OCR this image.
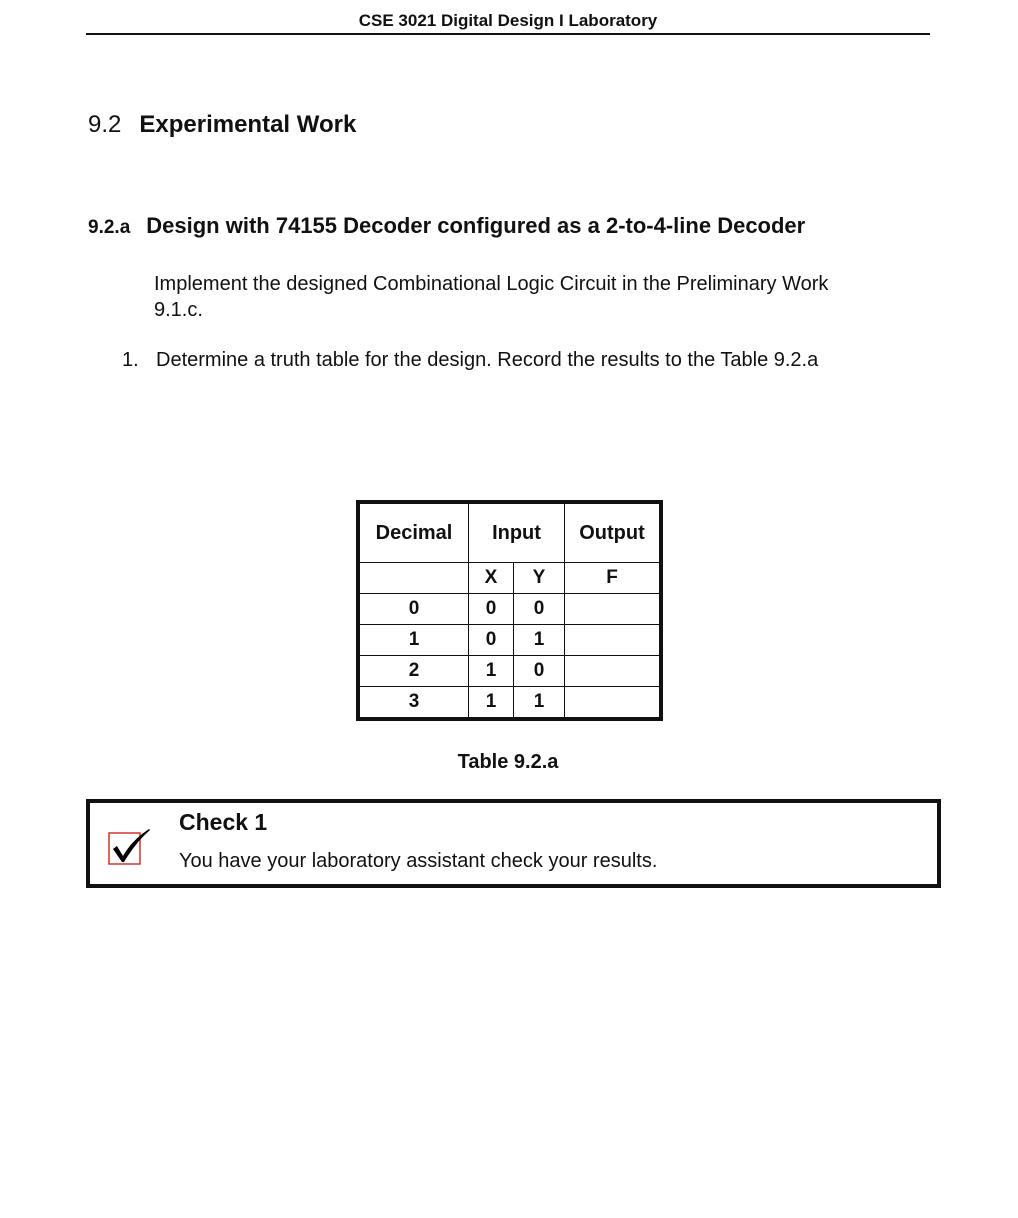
CSE 3021 Digital Design I Laboratory
9.2 Experimental Work
9.2.a Design with 74155 Decoder configured as a 2-to-4-line Decoder
Implement the designed Combinational Logic Circuit in the Preliminary Work 9.1.c.
1. Determine a truth table for the design. Record the results to the Table 9.2.a
Decimal	Input		Output
	X	Y	F
0	0	0	
1	0	1	
2	1	0	
3	1	1	
Table 9.2.a
Check 1
You have your laboratory assistant check your results.
